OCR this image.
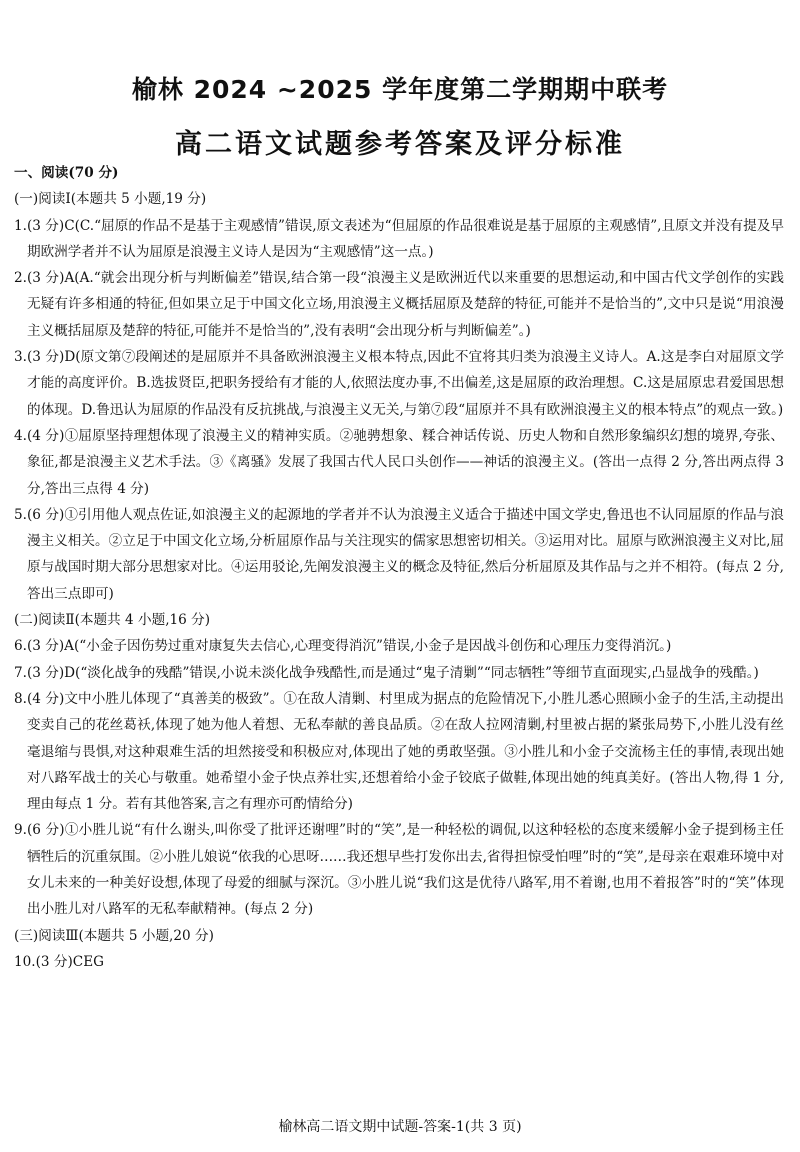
榆林 2024 ~2025 学年度第二学期期中联考
高二语文试题参考答案及评分标准
一、阅读(70 分)
(一)阅读Ⅰ(本题共 5 小题,19 分)
1. (3 分)C(C.“屈原的作品不是基于主观感情”错误,原文表述为“但屈原的作品很难说是基于屈原的主观感情”,且原文并没有提及早期欧洲学者并不认为屈原是浪漫主义诗人是因为“主观感情”这一点。)
2. (3 分)A(A.“就会出现分析与判断偏差”错误,结合第一段“浪漫主义是欧洲近代以来重要的思想运动,和中国古代文学创作的实践无疑有许多相通的特征,但如果立足于中国文化立场,用浪漫主义概括屈原及楚辞的特征,可能并不是恰当的”,文中只是说“用浪漫主义概括屈原及楚辞的特征,可能并不是恰当的”,没有表明“会出现分析与判断偏差”。)
3. (3 分)D(原文第⑦段阐述的是屈原并不具备欧洲浪漫主义根本特点,因此不宜将其归类为浪漫主义诗人。A.这是李白对屈原文学才能的高度评价。B.选拔贤臣,把职务授给有才能的人,依照法度办事,不出偏差,这是屈原的政治理想。C.这是屈原忠君爱国思想的体现。D.鲁迅认为屈原的作品没有反抗挑战,与浪漫主义无关,与第⑦段“屈原并不具有欧洲浪漫主义的根本特点”的观点一致。)
4. (4 分)①屈原坚持理想体现了浪漫主义的精神实质。②驰骋想象、糅合神话传说、历史人物和自然形象编织幻想的境界,夸张、象征,都是浪漫主义艺术手法。③《离骚》发展了我国古代人民口头创作——神话的浪漫主义。(答出一点得 2 分,答出两点得 3 分,答出三点得 4 分)
5. (6 分)①引用他人观点佐证,如浪漫主义的起源地的学者并不认为浪漫主义适合于描述中国文学史,鲁迅也不认同屈原的作品与浪漫主义相关。②立足于中国文化立场,分析屈原作品与关注现实的儒家思想密切相关。③运用对比。屈原与欧洲浪漫主义对比,屈原与战国时期大部分思想家对比。④运用驳论,先阐发浪漫主义的概念及特征,然后分析屈原及其作品与之并不相符。(每点 2 分,答出三点即可)
(二)阅读Ⅱ(本题共 4 小题,16 分)
6. (3 分)A(“小金子因伤势过重对康复失去信心,心理变得消沉”错误,小金子是因战斗创伤和心理压力变得消沉。)
7. (3 分)D(“淡化战争的残酷”错误,小说未淡化战争残酷性,而是通过“鬼子清剿”“同志牺牲”等细节直面现实,凸显战争的残酷。)
8. (4 分)文中小胜儿体现了“真善美的极致”。①在敌人清剿、村里成为据点的危险情况下,小胜儿悉心照顾小金子的生活,主动提出变卖自己的花丝葛袄,体现了她为他人着想、无私奉献的善良品质。②在敌人拉网清剿,村里被占据的紧张局势下,小胜儿没有丝毫退缩与畏惧,对这种艰难生活的坦然接受和积极应对,体现出了她的勇敢坚强。③小胜儿和小金子交流杨主任的事情,表现出她对八路军战士的关心与敬重。她希望小金子快点养壮实,还想着给小金子铰底子做鞋,体现出她的纯真美好。(答出人物,得 1 分,理由每点 1 分。若有其他答案,言之有理亦可酌情给分)
9. (6 分)①小胜儿说“有什么谢头,叫你受了批评还谢哩”时的“笑”,是一种轻松的调侃,以这种轻松的态度来缓解小金子提到杨主任牺牲后的沉重氛围。②小胜儿娘说“依我的心思呀……我还想早些打发你出去,省得担惊受怕哩”时的“笑”,是母亲在艰难环境中对女儿未来的一种美好设想,体现了母爱的细腻与深沉。③小胜儿说“我们这是优待八路军,用不着谢,也用不着报答”时的“笑”体现出小胜儿对八路军的无私奉献精神。(每点 2 分)
(三)阅读Ⅲ(本题共 5 小题,20 分)
10. (3 分)CEG
榆林高二语文期中试题-答案-1(共 3 页)
